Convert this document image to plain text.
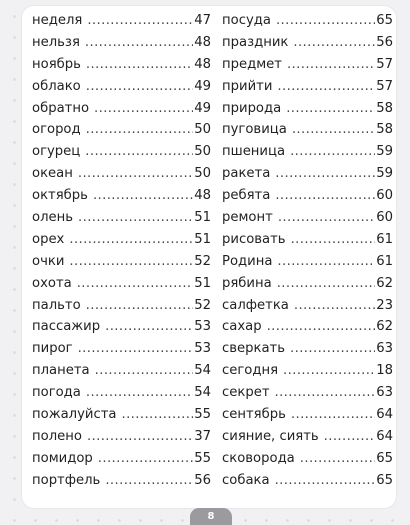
неделя .....	47
нельзя .....	48
ноябрь .....	48
облако .....	49
обратно .....	49
огород .....	50
огурец .....	50
океан .....	50
октябрь .....	48
олень .....	51
орех .....	51
очки .....	52
охота .....	51
пальто .....	52
пассажир .....	53
пирог .....	53
планета .....	54
погода .....	54
пожалуйста .....	55
полено .....	37
помидор .....	55
портфель .....	56
посуда .....	65
праздник .....	56
предмет .....	57
прийти .....	57
природа .....	58
пуговица .....	58
пшеница .....	59
ракета .....	59
ребята .....	60
ремонт .....	60
рисовать .....	61
Родина .....	61
рябина .....	62
салфетка .....	23
сахар .....	62
сверкать .....	63
сегодня .....	18
секрет .....	63
сентябрь .....	64
сияние, сиять .....	64
сковорода .....	65
собака .....	65
8
